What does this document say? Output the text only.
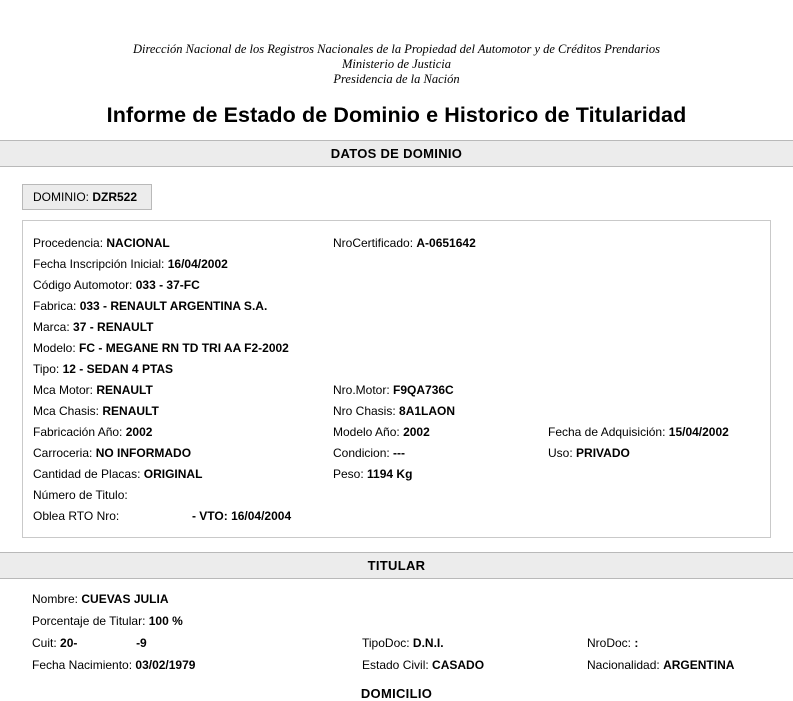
Dirección Nacional de los Registros Nacionales de la Propiedad del Automotor y de Créditos Prendarios
Ministerio de Justicia
Presidencia de la Nación
Informe de Estado de Dominio e Historico de Titularidad
DATOS DE DOMINIO
DOMINIO: DZR522
Procedencia: NACIONAL	NroCertificado: A-0651642
Fecha Inscripción Inicial: 16/04/2002
Código Automotor: 033 - 37-FC
Fabrica: 033 - RENAULT ARGENTINA S.A.
Marca: 37 - RENAULT
Modelo: FC - MEGANE RN TD TRI AA F2-2002
Tipo: 12 - SEDAN 4 PTAS
Mca Motor: RENAULT	Nro.Motor: F9QA736C
Mca Chasis: RENAULT	Nro Chasis: 8A1LAON
Fabricación Año: 2002	Modelo Año: 2002	Fecha de Adquisición: 15/04/2002
Carroceria: NO INFORMADO	Condicion: ---	Uso: PRIVADO
Cantidad de Placas: ORIGINAL	Peso: 1194 Kg
Número de Titulo:
Oblea RTO Nro:	- VTO: 16/04/2004
TITULAR
Nombre: CUEVAS JULIA
Porcentaje de Titular: 100 %
Cuit: 20-	-9	TipoDoc: D.N.I.	NroDoc: :
Fecha Nacimiento: 03/02/1979	Estado Civil: CASADO	Nacionalidad: ARGENTINA
DOMICILIO
